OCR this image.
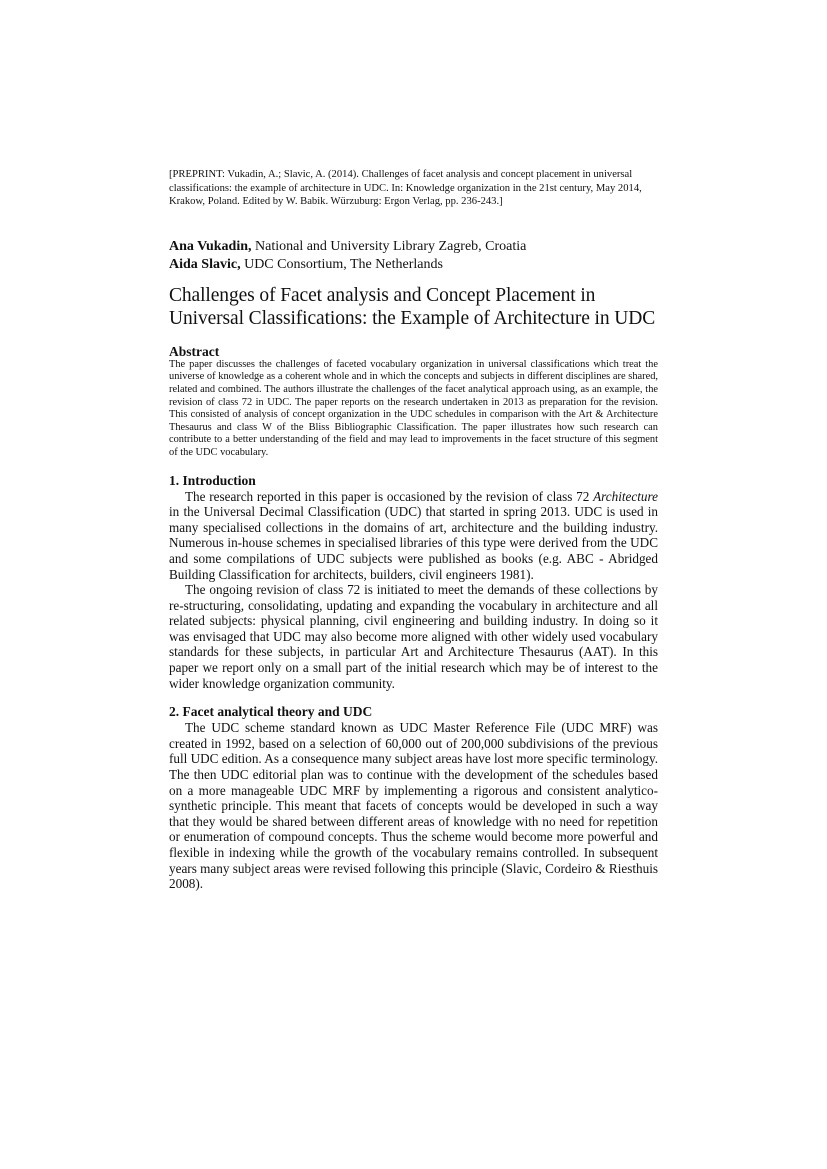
[PREPRINT: Vukadin, A.; Slavic, A. (2014). Challenges of facet analysis and concept placement in universal classifications: the example of architecture in UDC. In: Knowledge organization in the 21st century, May 2014, Krakow, Poland. Edited by W. Babik. Würzuburg: Ergon Verlag, pp. 236-243.]

Ana Vukadin, National and University Library Zagreb, Croatia
Aida Slavic, UDC Consortium, The Netherlands
Challenges of Facet analysis and Concept Placement in Universal Classifications: the Example of Architecture in UDC
Abstract

The paper discusses the challenges of faceted vocabulary organization in universal classifications which treat the universe of knowledge as a coherent whole and in which the concepts and subjects in different disciplines are shared, related and combined. The authors illustrate the challenges of the facet analytical approach using, as an example, the revision of class 72 in UDC. The paper reports on the research undertaken in 2013 as preparation for the revision. This consisted of analysis of concept organization in the UDC schedules in comparison with the Art & Architecture Thesaurus and class W of the Bliss Bibliographic Classification. The paper illustrates how such research can contribute to a better understanding of the field and may lead to improvements in the facet structure of this segment of the UDC vocabulary.

1. Introduction

The research reported in this paper is occasioned by the revision of class 72 Architecture in the Universal Decimal Classification (UDC) that started in spring 2013. UDC is used in many specialised collections in the domains of art, architecture and the building industry. Numerous in-house schemes in specialised libraries of this type were derived from the UDC and some compilations of UDC subjects were published as books (e.g. ABC - Abridged Building Classification for architects, builders, civil engineers 1981).

The ongoing revision of class 72 is initiated to meet the demands of these collections by re-structuring, consolidating, updating and expanding the vocabulary in architecture and all related subjects: physical planning, civil engineering and building industry. In doing so it was envisaged that UDC may also become more aligned with other widely used vocabulary standards for these subjects, in particular Art and Architecture Thesaurus (AAT). In this paper we report only on a small part of the initial research which may be of interest to the wider knowledge organization community.

2. Facet analytical theory and UDC

The UDC scheme standard known as UDC Master Reference File (UDC MRF) was created in 1992, based on a selection of 60,000 out of 200,000 subdivisions of the previous full UDC edition. As a consequence many subject areas have lost more specific terminology. The then UDC editorial plan was to continue with the development of the schedules based on a more manageable UDC MRF by implementing a rigorous and consistent analytico-synthetic principle. This meant that facets of concepts would be developed in such a way that they would be shared between different areas of knowledge with no need for repetition or enumeration of compound concepts. Thus the scheme would become more powerful and flexible in indexing while the growth of the vocabulary remains controlled. In subsequent years many subject areas were revised following this principle (Slavic, Cordeiro & Riesthuis 2008).
